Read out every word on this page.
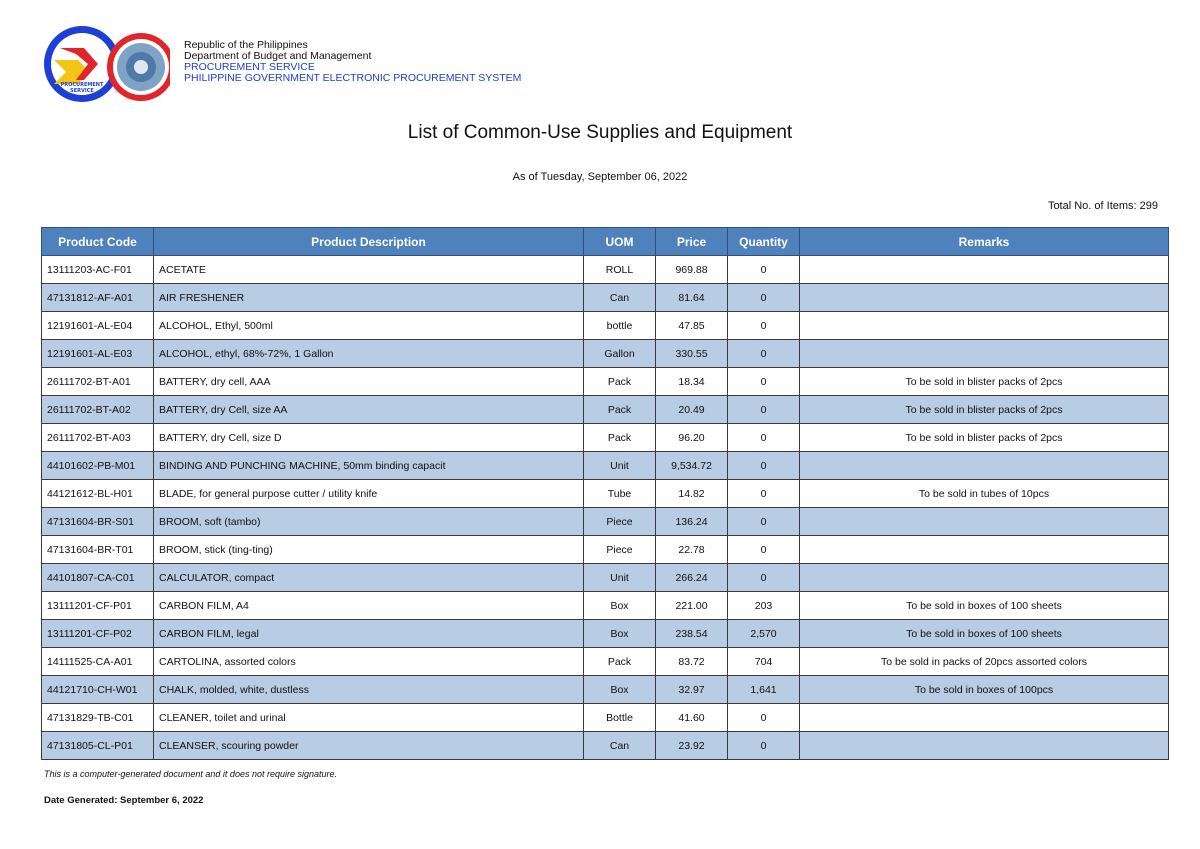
PROCUREMENT
SERVICE
Republic of the Philippines
Department of Budget and Management
PROCUREMENT SERVICE
PHILIPPINE GOVERNMENT ELECTRONIC PROCUREMENT SYSTEM
List of Common-Use Supplies and Equipment
As of Tuesday, September 06, 2022
Total No. of Items: 299
Product Code	Product Description	UOM	Price	Quantity	Remarks
13111203-AC-F01	ACETATE	ROLL	969.88	0	
47131812-AF-A01	AIR FRESHENER	Can	81.64	0	
12191601-AL-E04	ALCOHOL, Ethyl, 500ml	bottle	47.85	0	
12191601-AL-E03	ALCOHOL, ethyl, 68%-72%, 1 Gallon	Gallon	330.55	0	
26111702-BT-A01	BATTERY, dry cell, AAA	Pack	18.34	0	To be sold in blister packs of 2pcs
26111702-BT-A02	BATTERY, dry Cell, size AA	Pack	20.49	0	To be sold in blister packs of 2pcs
26111702-BT-A03	BATTERY, dry Cell, size D	Pack	96.20	0	To be sold in blister packs of 2pcs
44101602-PB-M01	BINDING AND PUNCHING MACHINE, 50mm binding capacit	Unit	9,534.72	0	
44121612-BL-H01	BLADE, for general purpose cutter / utility knife	Tube	14.82	0	To be sold in tubes of 10pcs
47131604-BR-S01	BROOM, soft (tambo)	Piece	136.24	0	
47131604-BR-T01	BROOM, stick (ting-ting)	Piece	22.78	0	
44101807-CA-C01	CALCULATOR, compact	Unit	266.24	0	
13111201-CF-P01	CARBON FILM, A4	Box	221.00	203	To be sold in boxes of 100 sheets
13111201-CF-P02	CARBON FILM, legal	Box	238.54	2,570	To be sold in boxes of 100 sheets
14111525-CA-A01	CARTOLINA, assorted colors	Pack	83.72	704	To be sold in packs of 20pcs assorted colors
44121710-CH-W01	CHALK, molded, white, dustless	Box	32.97	1,641	To be sold in boxes of 100pcs
47131829-TB-C01	CLEANER, toilet and urinal	Bottle	41.60	0	
47131805-CL-P01	CLEANSER, scouring powder	Can	23.92	0	
This is a computer-generated document and it does not require signature.
Date Generated: September 6, 2022
